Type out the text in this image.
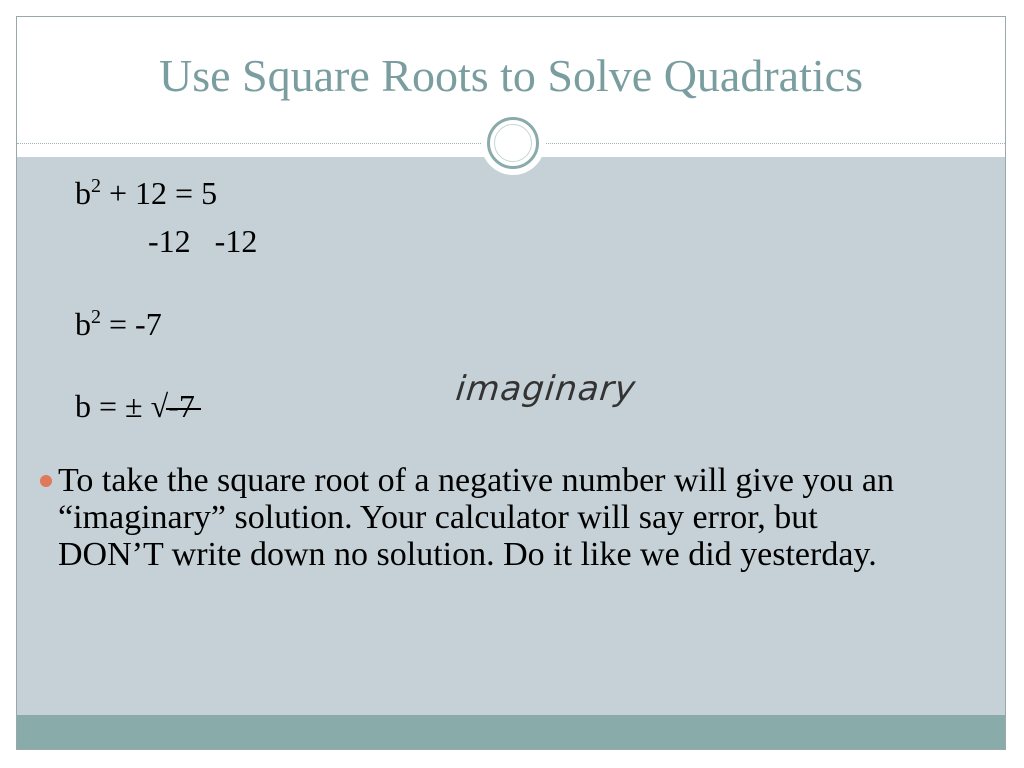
Use Square Roots to Solve Quadratics
$b^2 + 12 = 5$
-12   -12
$b^2 = -7$
b = ± √-7	imaginary

To take the square root of a negative number will give you an “imaginary” solution. Your calculator will say error, but DON’T write down no solution. Do it like we did yesterday.
